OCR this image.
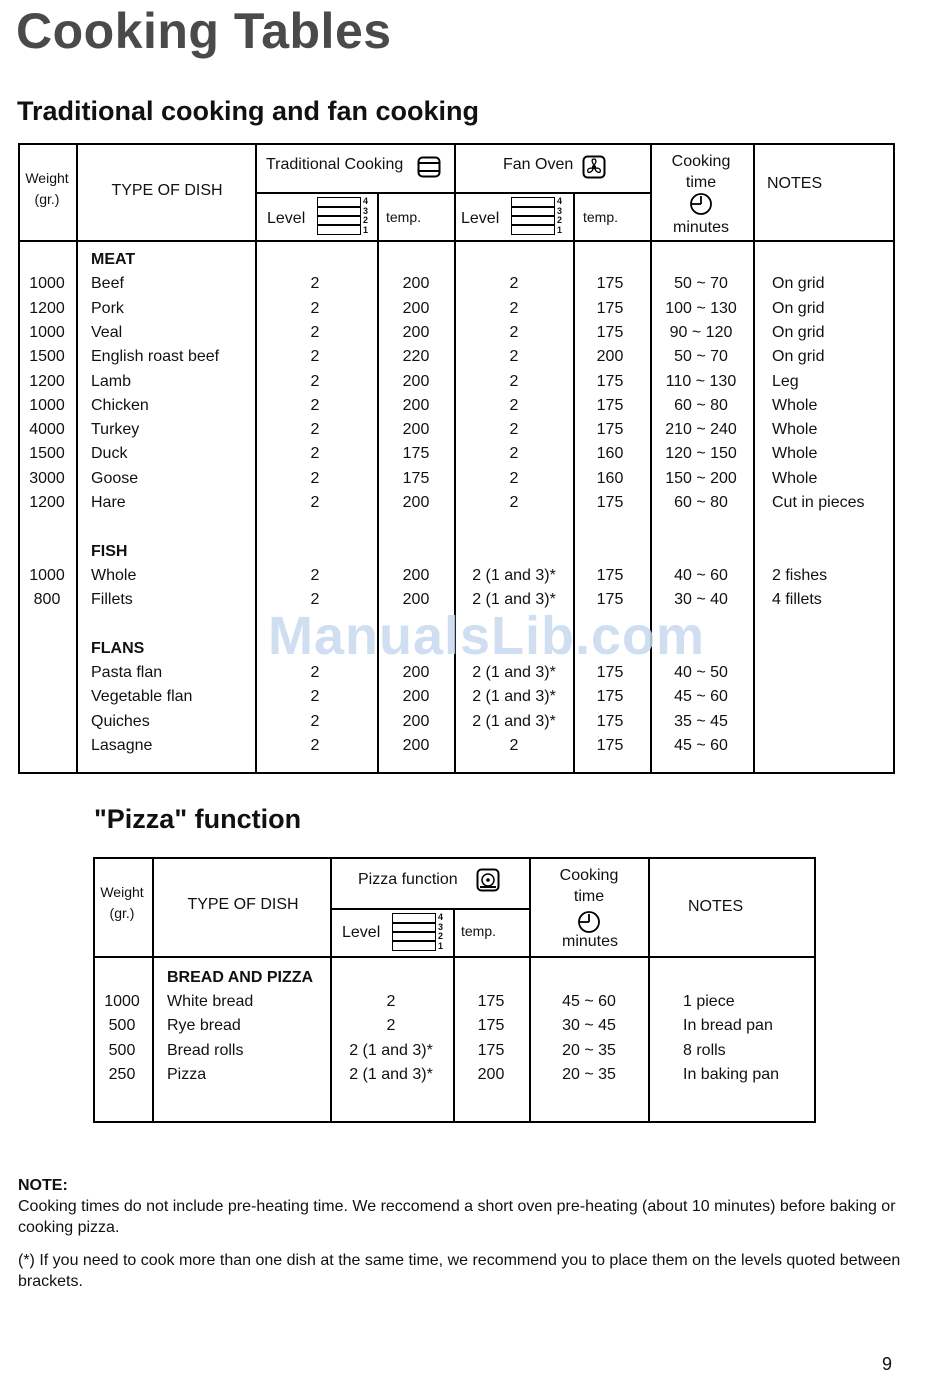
Cooking Tables
Traditional cooking and fan cooking
Weight
(gr.)	TYPE OF DISH
Traditional Cooking	Fan Oven
Level
4
3
2
1
temp. Level
4
3
2
1
temp.
Cooking
time
minutes
NOTES
MEAT
1000 Beef	2	200	2	175	50 ~ 70	On grid
1200 Pork	2	200	2	175	100 ~ 130 On grid
1000 Veal	2	200	2	175	90 ~ 120 On grid
1500 English roast beef	2	220	2	200	50 ~ 70	On grid
1200 Lamb	2	200	2	175	110 ~ 130 Leg
1000 Chicken	2	200	2	175	60 ~ 80	Whole
4000 Turkey	2	200	2	175	210 ~ 240 Whole
1500 Duck	2	175	2	160	120 ~ 150 Whole
3000 Goose	2	175	2	160	150 ~ 200 Whole
1200 Hare	2	200	2	175	60 ~ 80	Cut in pieces
FISH
1000 Whole	2	200	2 (1 and 3)*	175	40 ~ 60	2 fishes
800 Fillets	2	200	2 (1 and 3)*	175	30 ~ 40	4 fillets
FLANS
Pasta flan	2	200	2 (1 and 3)*	175	40 ~ 50
Vegetable flan	2	200	2 (1 and 3)*	175	45 ~ 60
Quiches	2	200	2 (1 and 3)*	175	35 ~ 45
Lasagne	2	200	2	175	45 ~ 60
ManualsLib.com
"Pizza" function
Weight
(gr.)	TYPE OF DISH
Pizza function
Level
4
3
2
1
temp.
Cooking
time
minutes
NOTES
BREAD AND PIZZA
1000 White bread	2	175	45 ~ 60	1 piece
500 Rye bread	2	175	30 ~ 45	In bread pan
500 Bread rolls	2 (1 and 3)*	175	20 ~ 35	8 rolls
250 Pizza	2 (1 and 3)*	200	20 ~ 35	In baking pan
NOTE:

Cooking times do not include pre-heating time. We reccomend a short oven pre-heating (about 10 minutes) before baking or cooking pizza.

(*) If you need to cook more than one dish at the same time, we recommend you to place them on the levels quoted between brackets.

9
